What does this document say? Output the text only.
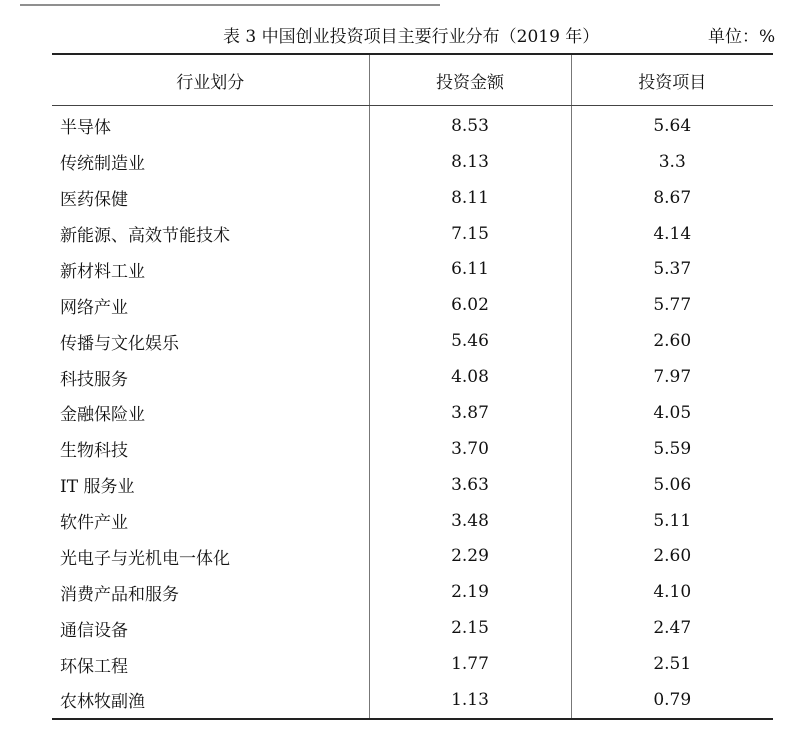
表 3 中国创业投资项目主要行业分布（2019 年）	单位：%
行业划分	投资金额	投资项目
半导体	8.53	5.64
传统制造业	8.13	3.3
医药保健	8.11	8.67
新能源、高效节能技术	7.15	4.14
新材料工业	6.11	5.37
网络产业	6.02	5.77
传播与文化娱乐	5.46	2.60
科技服务	4.08	7.97
金融保险业	3.87	4.05
生物科技	3.70	5.59
IT 服务业	3.63	5.06
软件产业	3.48	5.11
光电子与光机电一体化	2.29	2.60
消费产品和服务	2.19	4.10
通信设备	2.15	2.47
环保工程	1.77	2.51
农林牧副渔	1.13	0.79
